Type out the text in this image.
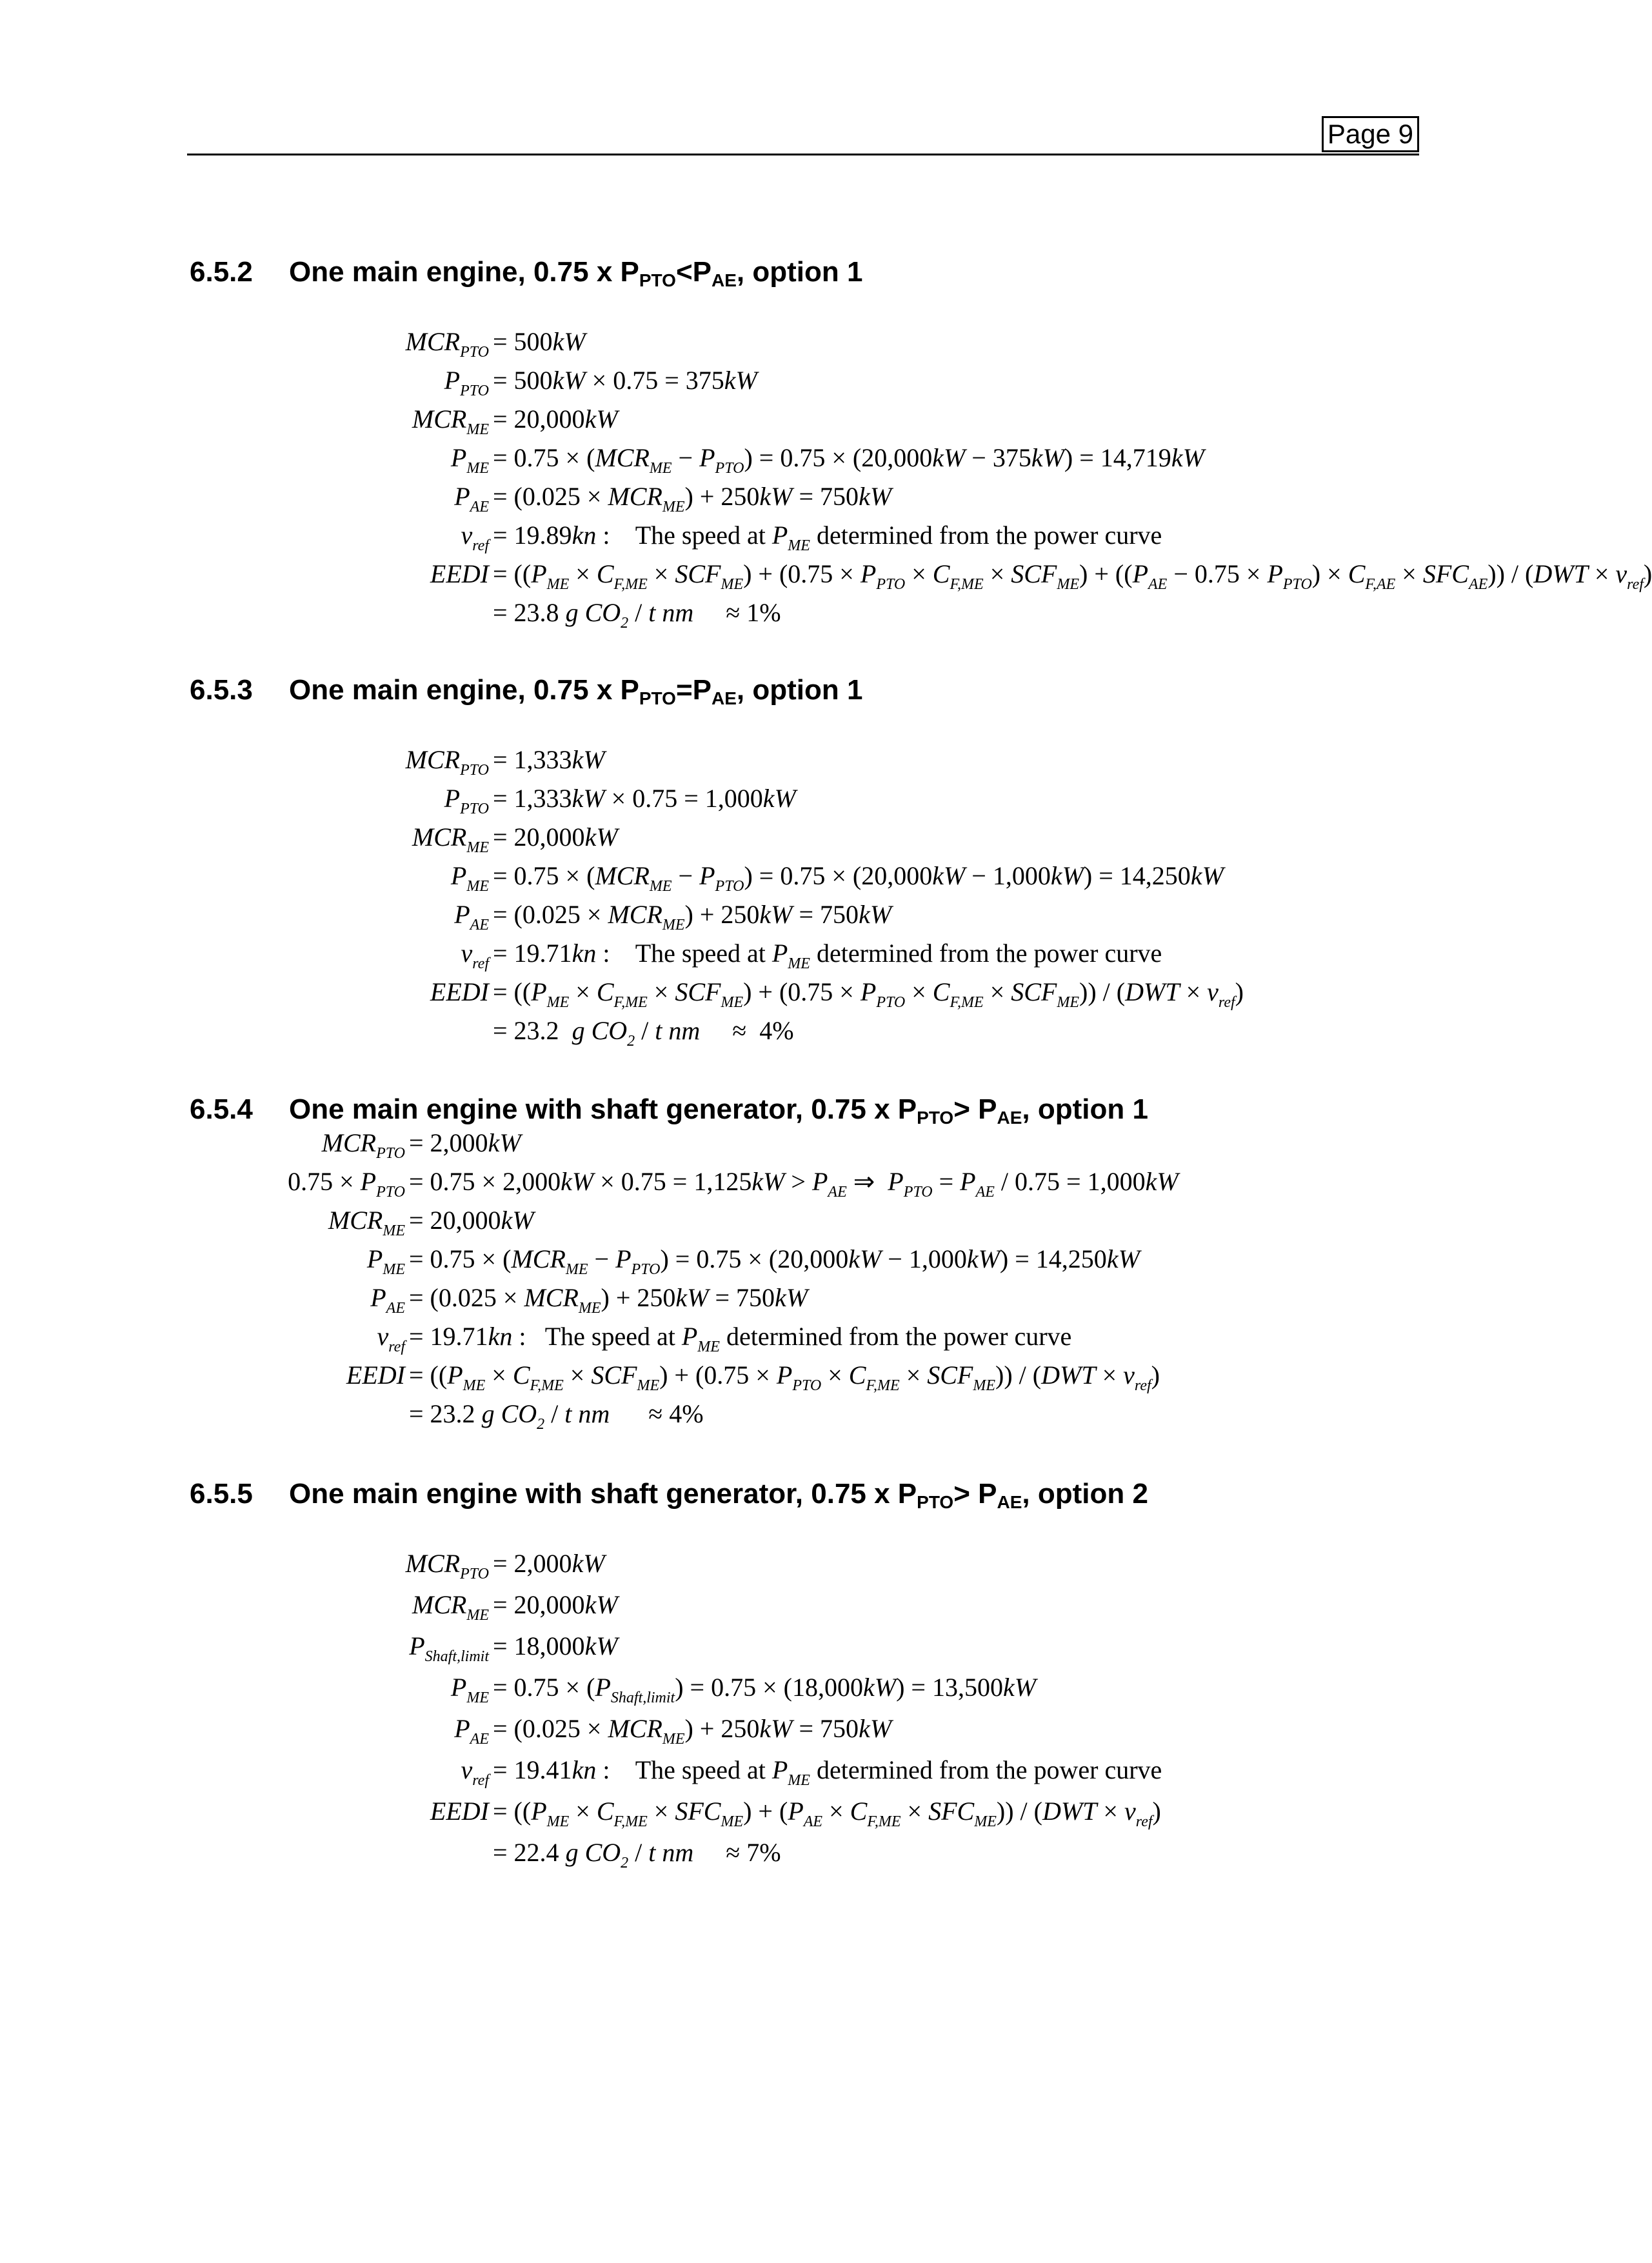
Page 9
6.5.2 One main engine, 0.75 x $P_{PTO}<P_{AE}$, option 1
$MCR_{PTO} = 500kW$
$P_{PTO} = 500kW \times 0.75 = 375kW$
$MCR_{ME} = 20,000kW$
$P_{ME} = 0.75 \times (MCR_{ME} - P_{PTO}) = 0.75 \times (20,000kW - 375kW) = 14,719kW$
$P_{AE} = (0.025 \times MCR_{ME}) + 250kW = 750kW$
$v_{ref} = 19.89kn$ :    The speed at $P_{ME}$ determined from the power curve
EEDI = $((P_{ME} \times C_{F,ME} \times SCF_{ME}) + (0.75 \times P_{PTO} \times C_{F,ME} \times SCF_{ME}) + ((P_{AE} - 0.75 \times P_{PTO}) \times C_{F,AE} \times SFC_{AE})) / (DWT \times v_{ref})$
= 23.8 g $CO_2$ / t nm     ≈ 1%
6.5.3 One main engine, 0.75 x $P_{PTO}=P_{AE}$, option 1
$MCR_{PTO} = 1,333kW$
$P_{PTO} = 1,333kW \times 0.75 = 1,000kW$
$MCR_{ME} = 20,000kW$
$P_{ME} = 0.75 \times (MCR_{ME} - P_{PTO}) = 0.75 \times (20,000kW - 1,000kW) = 14,250kW$
$P_{AE} = (0.025 \times MCR_{ME}) + 250kW = 750kW$
$v_{ref} = 19.71kn$ :    The speed at $P_{ME}$ determined from the power curve
EEDI = $((P_{ME} \times C_{F,ME} \times SCF_{ME}) + (0.75 \times P_{PTO} \times C_{F,ME} \times SCF_{ME})) / (DWT \times v_{ref})$
= 23.2  g $CO_2$ / t nm     ≈  4%
6.5.4 One main engine with shaft generator, 0.75 x $P_{PTO}> P_{AE}$, option 1
$MCR_{PTO} = 2,000kW$
$0.75 \times P_{PTO} = 0.75 \times 2,000kW \times 0.75 = 1,125kW > P_{AE}$ ⇒  $P_{PTO} = P_{AE} / 0.75 = 1,000kW$
$MCR_{ME} = 20,000kW$
$P_{ME} = 0.75 \times (MCR_{ME} - P_{PTO}) = 0.75 \times (20,000kW - 1,000kW) = 14,250kW$
$P_{AE} = (0.025 \times MCR_{ME}) + 250kW = 750kW$
$v_{ref} = 19.71kn$ :   The speed at $P_{ME}$ determined from the power curve
EEDI = $((P_{ME} \times C_{F,ME} \times SCF_{ME}) + (0.75 \times P_{PTO} \times C_{F,ME} \times SCF_{ME})) / (DWT \times v_{ref})$
= 23.2 g $CO_2$ / t nm      ≈ 4%
6.5.5 One main engine with shaft generator, 0.75 x $P_{PTO}> P_{AE}$, option 2
$MCR_{PTO} = 2,000kW$
$MCR_{ME} = 20,000kW$
$P_{Shaft,limit} = 18,000kW$
$P_{ME} = 0.75 \times (P_{Shaft,limit}) = 0.75 \times (18,000kW) = 13,500kW$
$P_{AE} = (0.025 \times MCR_{ME}) + 250kW = 750kW$
$v_{ref} = 19.41kn$ :    The speed at $P_{ME}$ determined from the power curve
EEDI = $((P_{ME} \times C_{F,ME} \times SFC_{ME}) + (P_{AE} \times C_{F,ME} \times SFC_{ME})) / (DWT \times v_{ref})$
= 22.4 g $CO_2$ / t nm     ≈ 7%
